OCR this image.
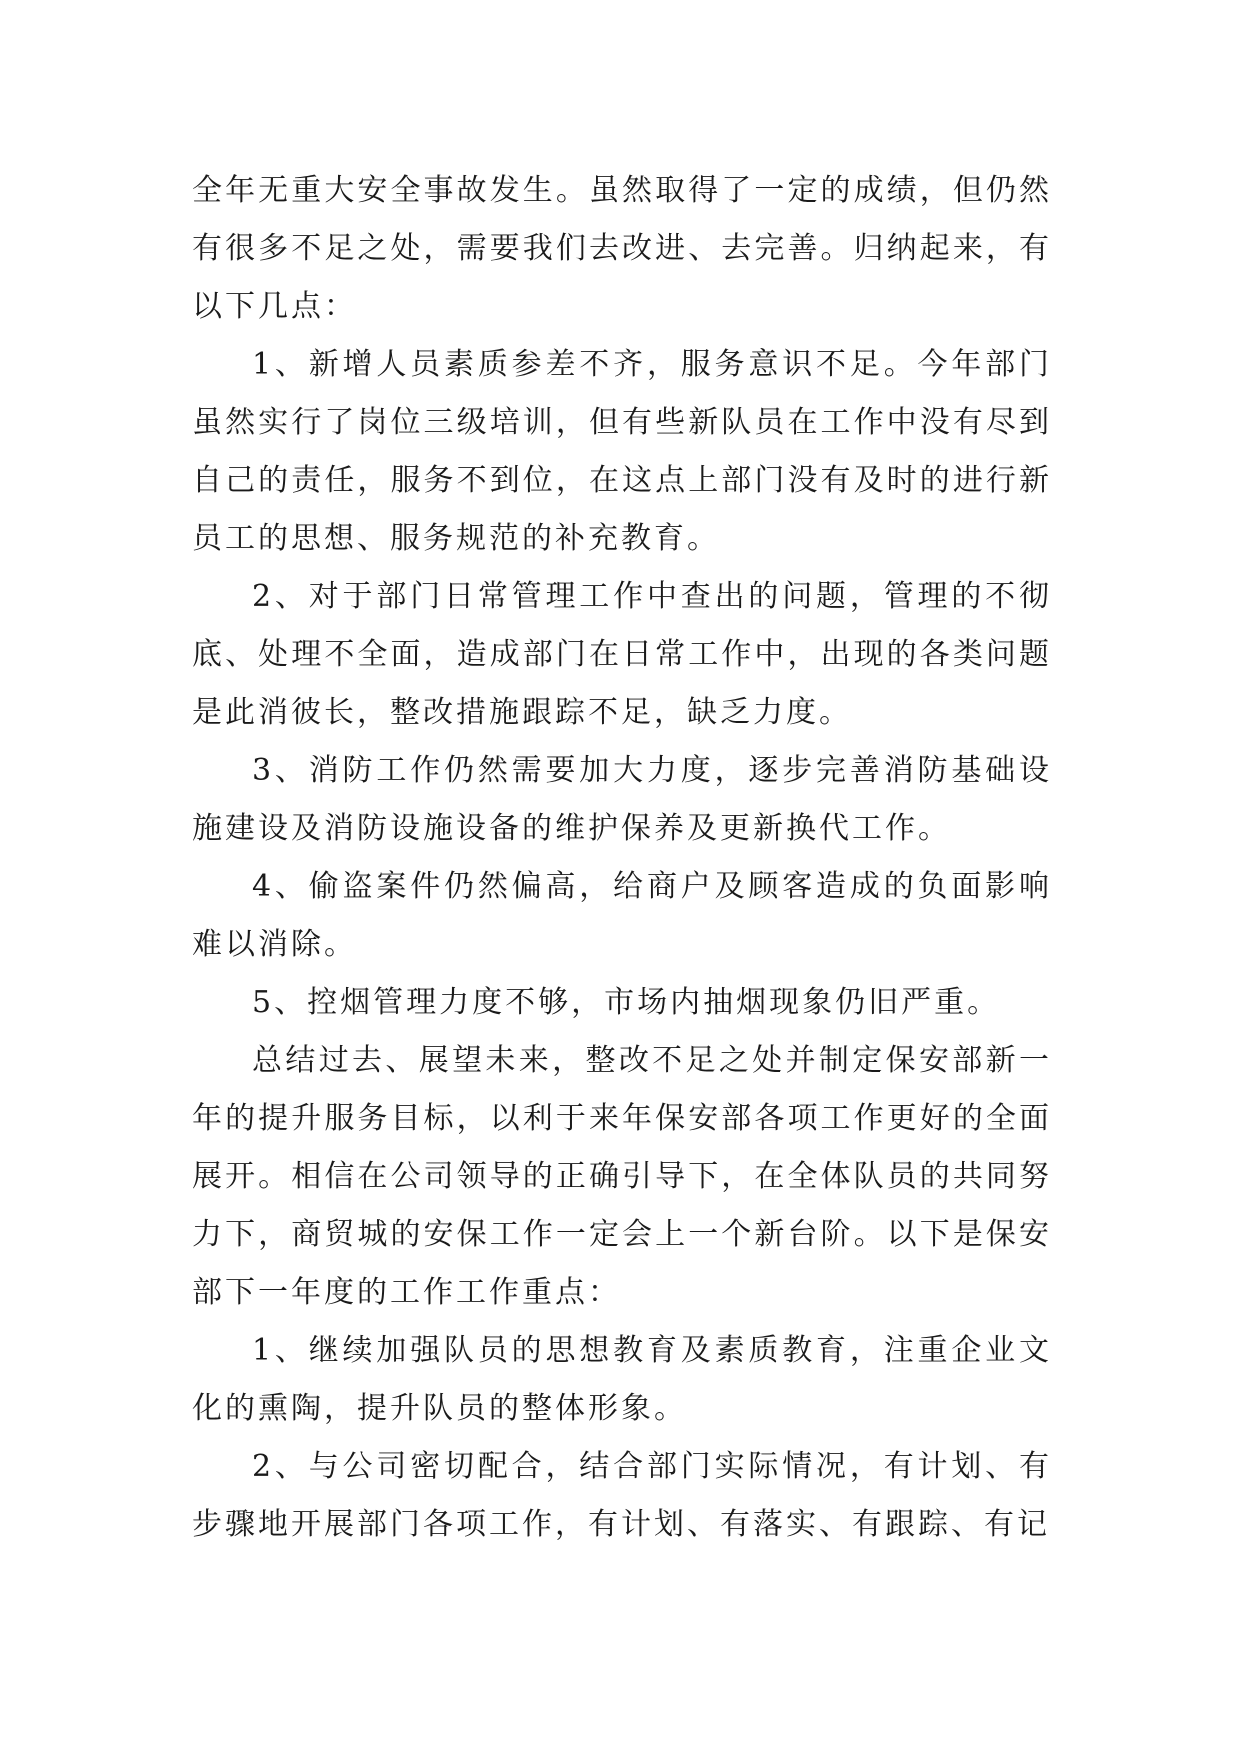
全年无重大安全事故发生。虽然取得了一定的成绩，但仍然有很多不足之处，需要我们去改进、去完善。归纳起来，有以下几点：

1、新增人员素质参差不齐，服务意识不足。今年部门虽然实行了岗位三级培训，但有些新队员在工作中没有尽到自己的责任，服务不到位，在这点上部门没有及时的进行新员工的思想、服务规范的补充教育。

2、对于部门日常管理工作中查出的问题，管理的不彻底、处理不全面，造成部门在日常工作中，出现的各类问题是此消彼长，整改措施跟踪不足，缺乏力度。

3、消防工作仍然需要加大力度，逐步完善消防基础设施建设及消防设施设备的维护保养及更新换代工作。

4、偷盗案件仍然偏高，给商户及顾客造成的负面影响难以消除。

5、控烟管理力度不够，市场内抽烟现象仍旧严重。

总结过去、展望未来，整改不足之处并制定保安部新一年的提升服务目标，以利于来年保安部各项工作更好的全面展开。相信在公司领导的正确引导下，在全体队员的共同努力下，商贸城的安保工作一定会上一个新台阶。以下是保安部下一年度的工作工作重点：

1、继续加强队员的思想教育及素质教育，注重企业文化的熏陶，提升队员的整体形象。

2、与公司密切配合，结合部门实际情况，有计划、有步骤地开展部门各项工作，有计划、有落实、有跟踪、有记
